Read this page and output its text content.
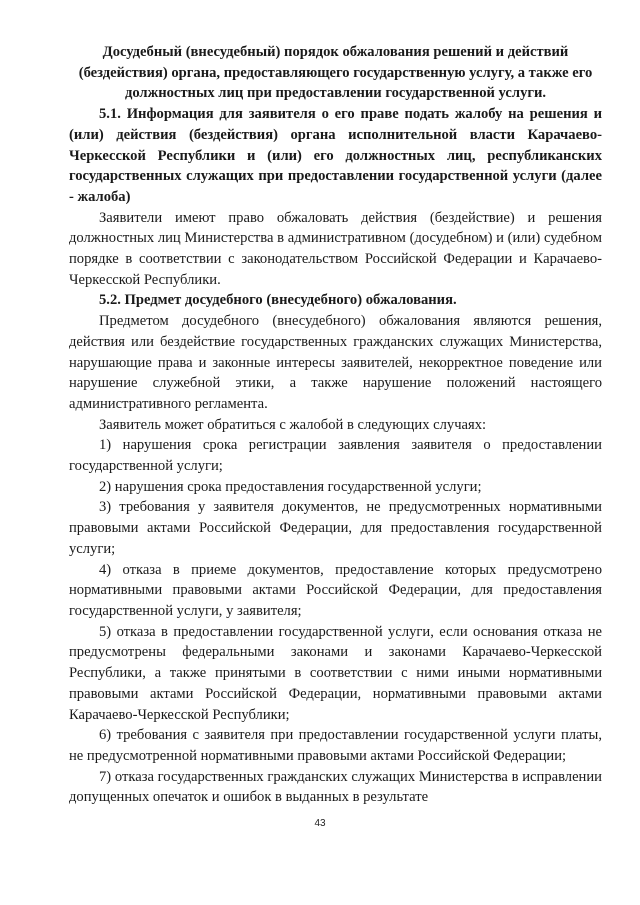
Досудебный (внесудебный) порядок обжалования решений и действий (бездействия) органа, предоставляющего государственную услугу, а также его должностных лиц при предоставлении государственной услуги.

5.1. Информация для заявителя о его праве подать жалобу на решения и (или) действия (бездействия) органа исполнительной власти Карачаево-Черкесской Республики и (или) его должностных лиц, республиканских государственных служащих при предоставлении государственной услуги (далее - жалоба)

Заявители имеют право обжаловать действия (бездействие) и решения должностных лиц Министерства в административном (досудебном) и (или) судебном порядке в соответствии с законодательством Российской Федерации и Карачаево-Черкесской Республики.

5.2. Предмет досудебного (внесудебного) обжалования.

Предметом досудебного (внесудебного) обжалования являются решения, действия или бездействие государственных гражданских служащих Министерства, нарушающие права и законные интересы заявителей, некорректное поведение или нарушение служебной этики, а также нарушение положений настоящего административного регламента.

Заявитель может обратиться с жалобой в следующих случаях:

1) нарушения срока регистрации заявления заявителя о предоставлении государственной услуги;

2) нарушения срока предоставления государственной услуги;

3) требования у заявителя документов, не предусмотренных нормативными правовыми актами Российской Федерации, для предоставления государственной услуги;

4) отказа в приеме документов, предоставление которых предусмотрено нормативными правовыми актами Российской Федерации, для предоставления государственной услуги, у заявителя;

5) отказа в предоставлении государственной услуги, если основания отказа не предусмотрены федеральными законами и законами Карачаево-Черкесской Республики, а также принятыми в соответствии с ними иными нормативными правовыми актами Российской Федерации, нормативными правовыми актами Карачаево-Черкесской Республики;

6) требования с заявителя при предоставлении государственной услуги платы, не предусмотренной нормативными правовыми актами Российской Федерации;

7) отказа государственных гражданских служащих Министерства в исправлении допущенных опечаток и ошибок в выданных в результате

43
